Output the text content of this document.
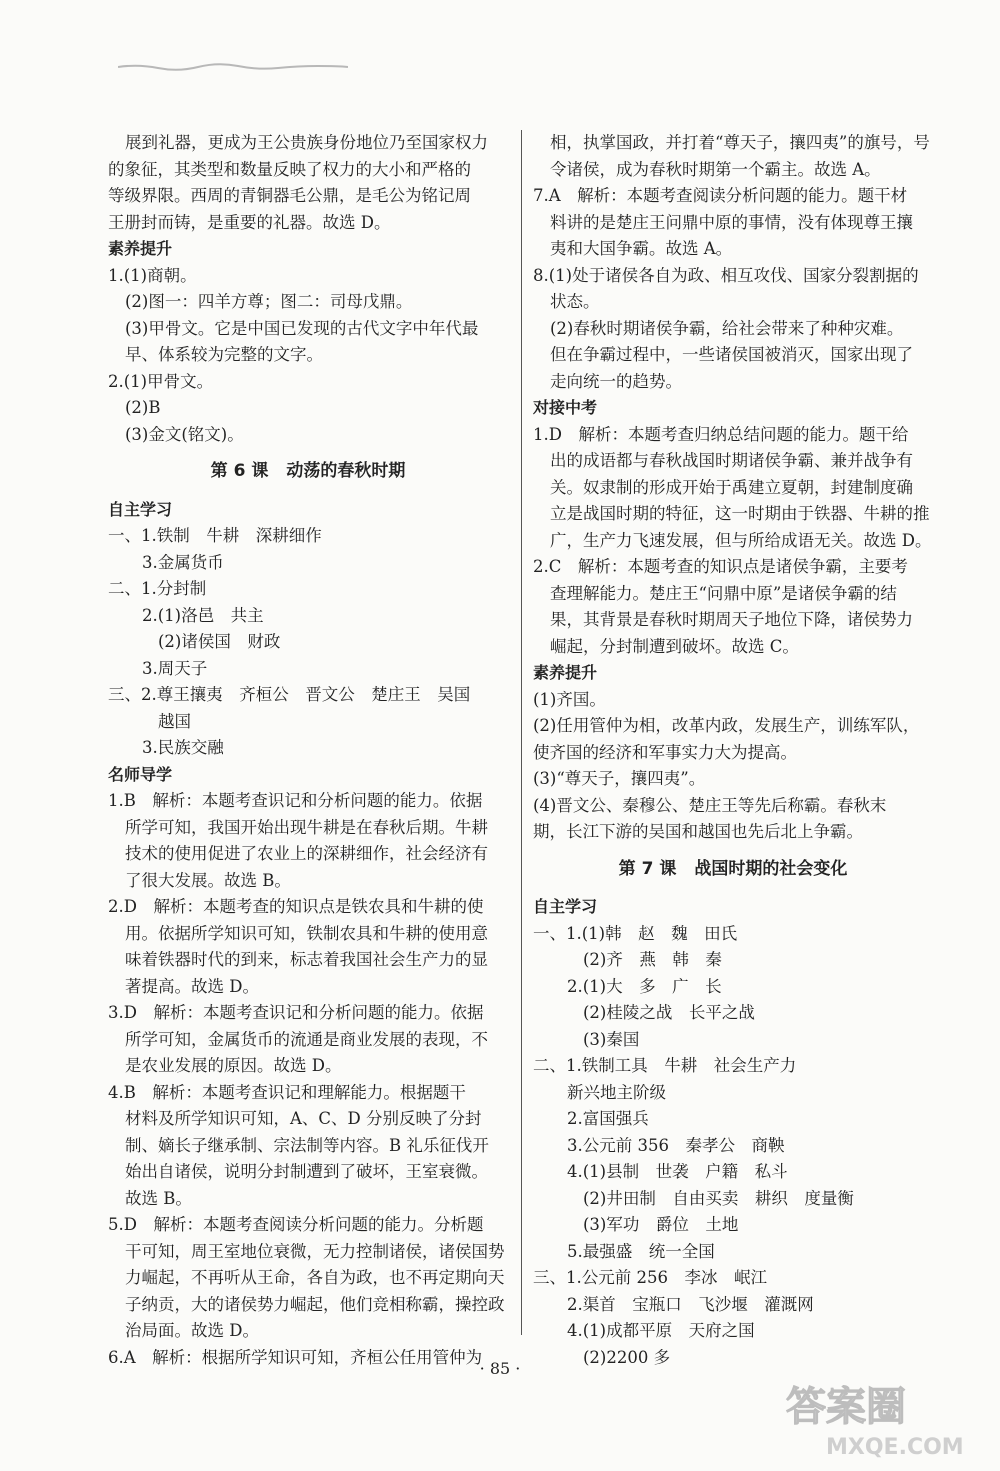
展到礼器，更成为王公贵族身份地位乃至国家权力
的象征，其类型和数量反映了权力的大小和严格的
等级界限。西周的青铜器毛公鼎，是毛公为铭记周
王册封而铸，是重要的礼器。故选 D。
素养提升
1.(1)商朝。
(2)图一：四羊方尊；图二：司母戊鼎。
(3)甲骨文。它是中国已发现的古代文字中年代最
早、体系较为完整的文字。
2.(1)甲骨文。
(2)B
(3)金文(铭文)。
第 6 课 动荡的春秋时期
自主学习
一、1.铁制　牛耕　深耕细作
3.金属货币
二、1.分封制
2.(1)洛邑　共主
(2)诸侯国　财政
3.周天子
三、2.尊王攘夷　齐桓公　晋文公　楚庄王　吴国
越国
3.民族交融
名师导学
1.B　解析：本题考查识记和分析问题的能力。依据
所学可知，我国开始出现牛耕是在春秋后期。牛耕
技术的使用促进了农业上的深耕细作，社会经济有
了很大发展。故选 B。
2.D　解析：本题考查的知识点是铁农具和牛耕的使
用。依据所学知识可知，铁制农具和牛耕的使用意
味着铁器时代的到来，标志着我国社会生产力的显
著提高。故选 D。
3.D　解析：本题考查识记和分析问题的能力。依据
所学可知，金属货币的流通是商业发展的表现，不
是农业发展的原因。故选 D。
4.B　解析：本题考查识记和理解能力。根据题干
材料及所学知识可知，A、C、D 分别反映了分封
制、嫡长子继承制、宗法制等内容。B 礼乐征伐开
始出自诸侯，说明分封制遭到了破坏，王室衰微。
故选 B。
5.D　解析：本题考查阅读分析问题的能力。分析题
干可知，周王室地位衰微，无力控制诸侯，诸侯国势
力崛起，不再听从王命，各自为政，也不再定期向天
子纳贡，大的诸侯势力崛起，他们竞相称霸，操控政
治局面。故选 D。
6.A　解析：根据所学知识可知，齐桓公任用管仲为
相，执掌国政，并打着“尊天子，攘四夷”的旗号，号
令诸侯，成为春秋时期第一个霸主。故选 A。
7.A　解析：本题考查阅读分析问题的能力。题干材
料讲的是楚庄王问鼎中原的事情，没有体现尊王攘
夷和大国争霸。故选 A。
8.(1)处于诸侯各自为政、相互攻伐、国家分裂割据的
状态。
(2)春秋时期诸侯争霸，给社会带来了种种灾难。
但在争霸过程中，一些诸侯国被消灭，国家出现了
走向统一的趋势。
对接中考
1.D　解析：本题考查归纳总结问题的能力。题干给
出的成语都与春秋战国时期诸侯争霸、兼并战争有
关。奴隶制的形成开始于禹建立夏朝，封建制度确
立是战国时期的特征，这一时期由于铁器、牛耕的推
广，生产力飞速发展，但与所给成语无关。故选 D。
2.C　解析：本题考查的知识点是诸侯争霸，主要考
查理解能力。楚庄王“问鼎中原”是诸侯争霸的结
果，其背景是春秋时期周天子地位下降，诸侯势力
崛起，分封制遭到破坏。故选 C。
素养提升
(1)齐国。
(2)任用管仲为相，改革内政，发展生产，训练军队，
使齐国的经济和军事实力大为提高。
(3)“尊天子，攘四夷”。
(4)晋文公、秦穆公、楚庄王等先后称霸。春秋末
期，长江下游的吴国和越国也先后北上争霸。
第 7 课 战国时期的社会变化
自主学习
一、1.(1)韩　赵　魏　田氏
(2)齐　燕　韩　秦
2.(1)大　多　广　长
(2)桂陵之战　长平之战
(3)秦国
二、1.铁制工具　牛耕　社会生产力
新兴地主阶级
2.富国强兵
3.公元前 356　秦孝公　商鞅
4.(1)县制　世袭　户籍　私斗
(2)井田制　自由买卖　耕织　度量衡
(3)军功　爵位　土地
5.最强盛　统一全国
三、1.公元前 256　李冰　岷江
2.渠首　宝瓶口　飞沙堰　灌溉网
4.(1)成都平原　天府之国
(2)2200 多
· 85 ·
答案圈
MXQE.COM
